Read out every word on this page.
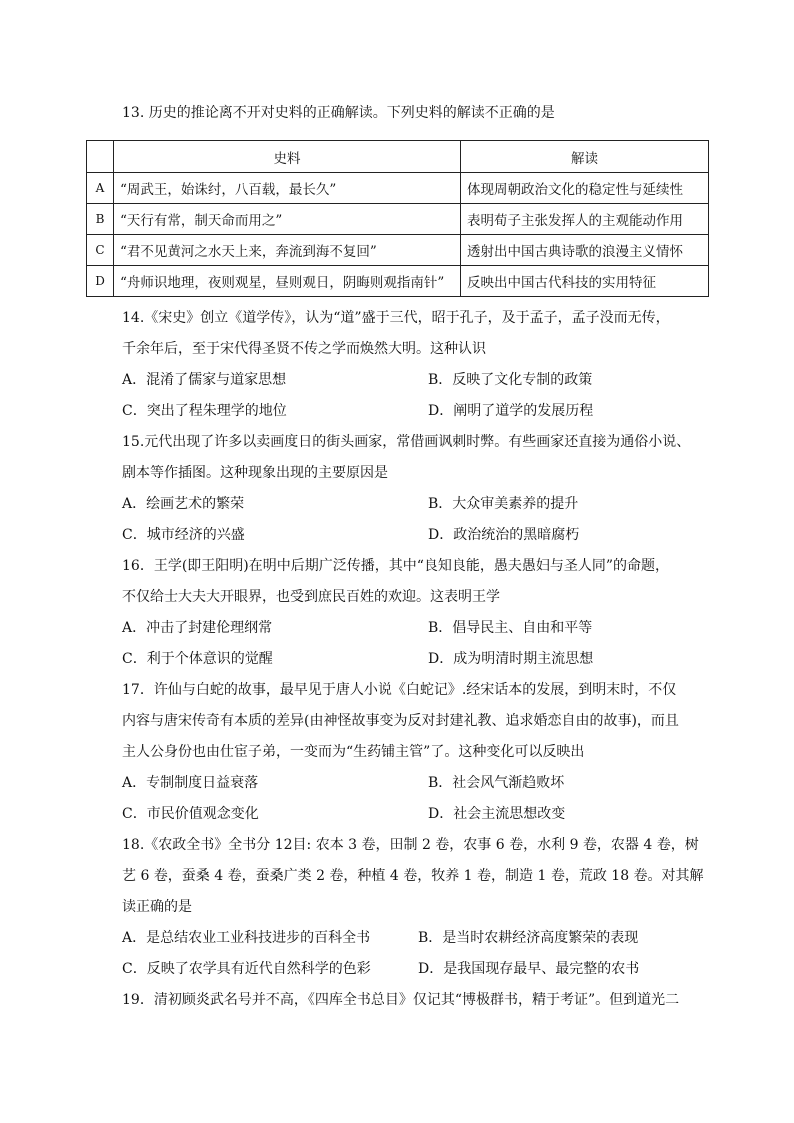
13. 历史的推论离不开对史料的正确解读。下列史料的解读不正确的是
	史料	解读
A	“周武王，始诛纣，八百载，最长久”	体现周朝政治文化的稳定性与延续性
B	“天行有常，制天命而用之”	表明荀子主张发挥人的主观能动作用
C	“君不见黄河之水天上来，奔流到海不复回”	透射出中国古典诗歌的浪漫主义情怀
D	“舟师识地理，夜则观星，昼则观日，阴晦则观指南针”	反映出中国古代科技的实用特征
14.《宋史》创立《道学传》，认为“道”盛于三代，昭于孔子，及于孟子，孟子没而无传，
千余年后，至于宋代得圣贤不传之学而焕然大明。这种认识
A．混淆了儒家与道家思想	B．反映了文化专制的政策
C．突出了程朱理学的地位	D．阐明了道学的发展历程
15.元代出现了许多以卖画度日的街头画家，常借画讽刺时弊。有些画家还直接为通俗小说、
剧本等作插图。这种现象出现的主要原因是
A．绘画艺术的繁荣	B．大众审美素养的提升
C．城市经济的兴盛	D．政治统治的黑暗腐朽
16．王学(即王阳明)在明中后期广泛传播，其中“良知良能，愚夫愚妇与圣人同”的命题，
不仅给士大夫大开眼界，也受到庶民百姓的欢迎。这表明王学
A．冲击了封建伦理纲常	B．倡导民主、自由和平等
C．利于个体意识的觉醒	D．成为明清时期主流思想
17．许仙与白蛇的故事，最早见于唐人小说《白蛇记》.经宋话本的发展，到明末时，不仅
内容与唐宋传奇有本质的差异(由神怪故事变为反对封建礼教、追求婚恋自由的故事)，而且
主人公身份也由仕宦子弟，一变而为“生药铺主管”了。这种变化可以反映出
A．专制制度日益衰落	B．社会风气渐趋败坏
C．市民价值观念变化	D．社会主流思想改变
18.《农政全书》全书分 12目: 农本 3 卷，田制 2 卷，农事 6 卷，水利 9 卷，农器 4 卷，树
艺 6 卷，蚕桑 4 卷，蚕桑广类 2 卷，种植 4 卷，牧养 1 卷，制造 1 卷，荒政 18 卷。对其解
读正确的是
A．是总结农业工业科技进步的百科全书	B．是当时农耕经济高度繁荣的表现
C．反映了农学具有近代自然科学的色彩	D．是我国现存最早、最完整的农书
19．清初顾炎武名号并不高，《四库全书总目》仅记其“博极群书，精于考证”。但到道光二
